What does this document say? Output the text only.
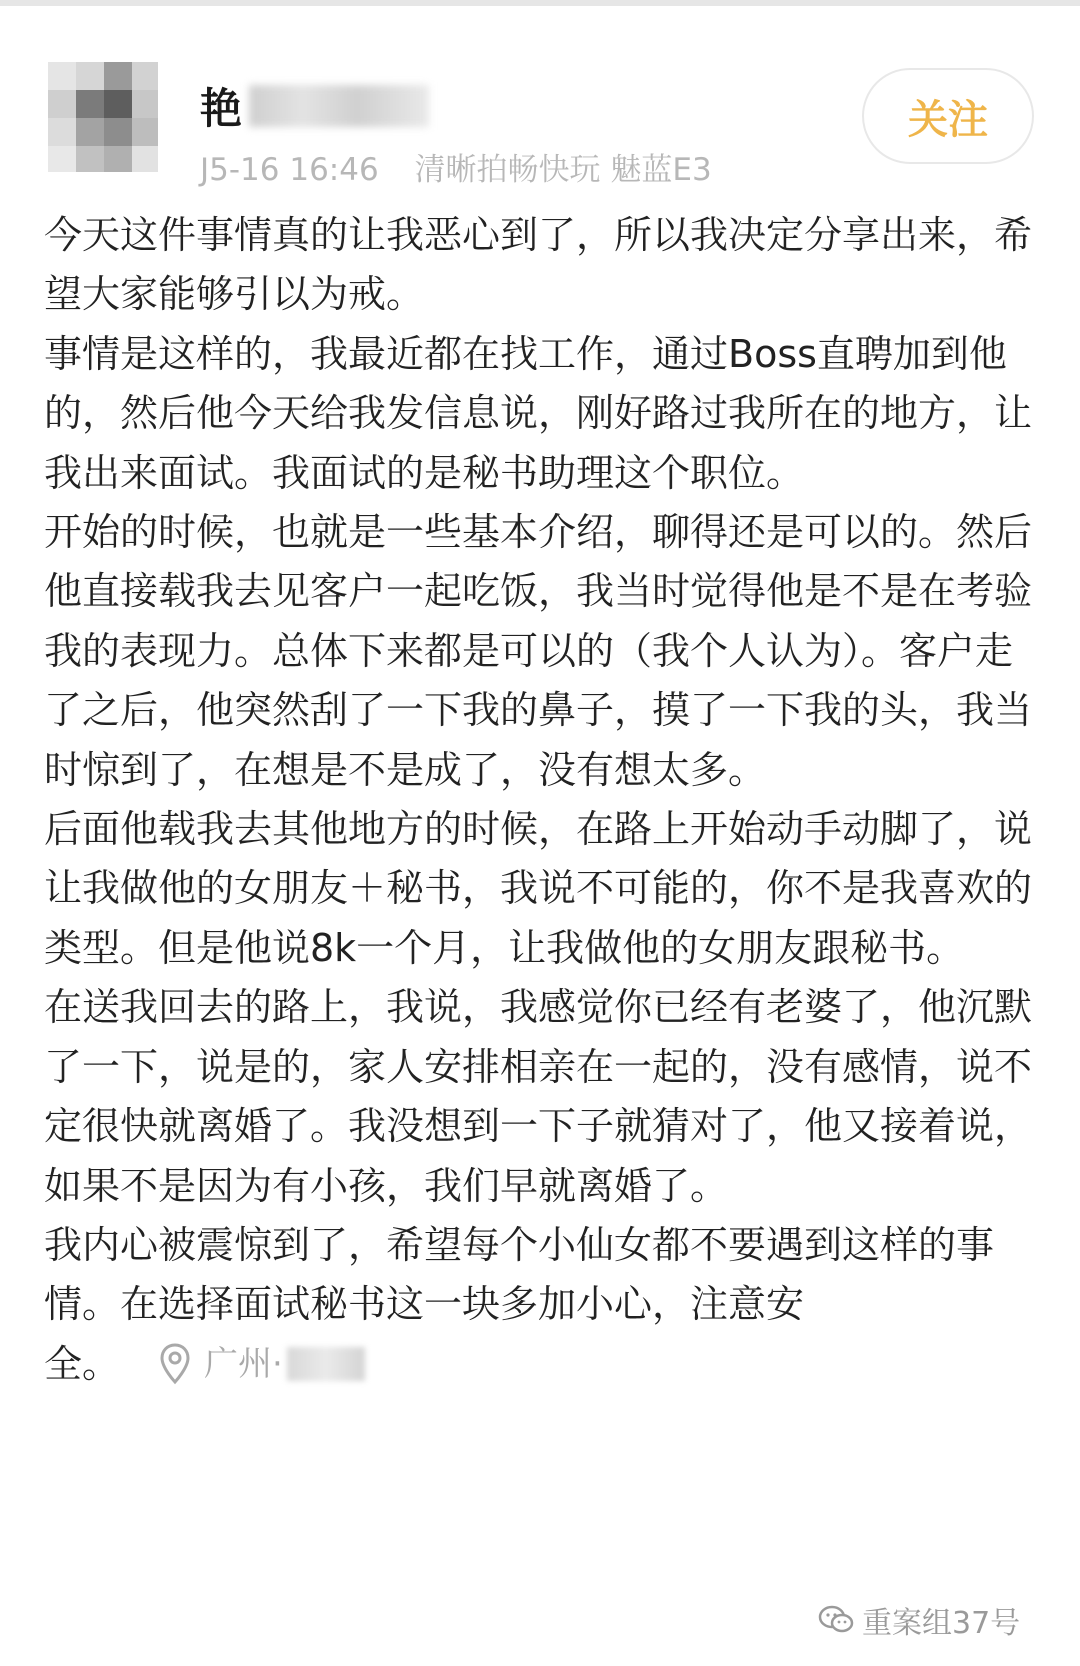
艳
J5-16 16:46 清晰拍畅快玩 魅蓝E3
关注

今天这件事情真的让我恶心到了，所以我决定分享出来，希望大家能够引以为戒。

事情是这样的，我最近都在找工作，通过Boss直聘加到他的，然后他今天给我发信息说，刚好路过我所在的地方，让我出来面试。我面试的是秘书助理这个职位。

开始的时候，也就是一些基本介绍，聊得还是可以的。然后他直接载我去见客户一起吃饭，我当时觉得他是不是在考验我的表现力。总体下来都是可以的（我个人认为）。客户走了之后，他突然刮了一下我的鼻子，摸了一下我的头，我当时惊到了，在想是不是成了，没有想太多。

后面他载我去其他地方的时候，在路上开始动手动脚了，说让我做他的女朋友＋秘书，我说不可能的，你不是我喜欢的类型。但是他说8k一个月，让我做他的女朋友跟秘书。

在送我回去的路上，我说，我感觉你已经有老婆了，他沉默了一下，说是的，家人安排相亲在一起的，没有感情，说不定很快就离婚了。我没想到一下子就猜对了，他又接着说，如果不是因为有小孩，我们早就离婚了。

我内心被震惊到了，希望每个小仙女都不要遇到这样的事情。在选择面试秘书这一块多加小心，注意安

全。 广州·
重案组37号
